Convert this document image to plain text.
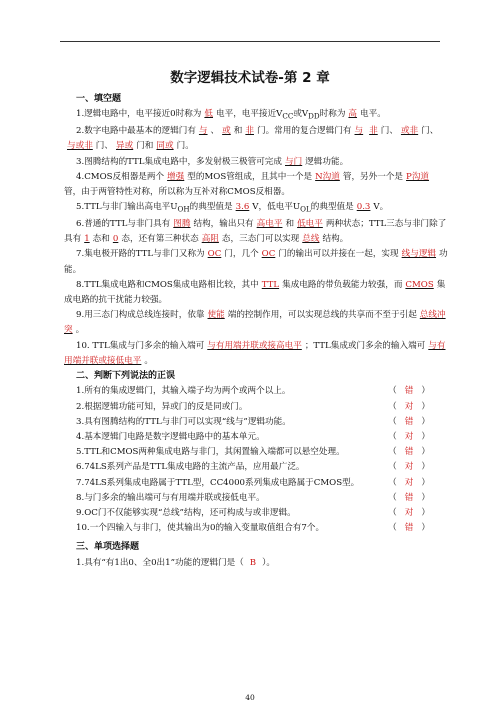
数字逻辑技术试卷-第 2 章
一、填空题

1.逻辑电路中，电平接近0时称为 低 电平，电平接近$V_{CC}$或$V_{DD}$时称为 高 电平。

2.数字电路中最基本的逻辑门有 与 、 或 和 非 门。常用的复合逻辑门有 与 非 门、 或非 门、与或非 门、 异或 门和 同或 门。

3.图腾结构的TTL集成电路中，多发射极三极管可完成 与门 逻辑功能。

4.CMOS反相器是两个 增强 型的MOS管组成，且其中一个是 N沟道 管，另外一个是 P沟道管，由于两管特性对称，所以称为互补对称CMOS反相器。

5.TTL与非门输出高电平$U_{OH}$的典型值是 3.6 V，低电平$U_{OL}$的典型值是 0.3 V。

6.普通的TTL与非门具有 图腾 结构，输出只有 高电平 和 低电平 两种状态；TTL三态与非门除了具有 1 态和 0 态，还有第三种状态 高阻 态，三态门可以实现 总线 结构。

7.集电极开路的TTL与非门又称为 OC 门，几个 OC 门的输出可以并接在一起，实现 线与逻辑 功能。

8.TTL集成电路和CMOS集成电路相比较，其中 TTL 集成电路的带负载能力较强，而 CMOS 集成电路的抗干扰能力较强。

9.用三态门构成总线连接时，依靠 使能 端的控制作用，可以实现总线的共享而不至于引起 总线冲突 。

10. TTL集成与门多余的输入端可 与有用端并联或接高电平 ；TTL集成或门多余的输入端可 与有用端并联或接低电平 。

二、判断下列说法的正误
1.所有的集成逻辑门，其输入端子均为两个或两个以上。	（ 错 ）
2.根据逻辑功能可知，异或门的反是同或门。	（ 对 ）
3.具有图腾结构的TTL与非门可以实现“线与”逻辑功能。	（ 错 ）
4.基本逻辑门电路是数字逻辑电路中的基本单元。	（ 对 ）
5.TTL和CMOS两种集成电路与非门，其闲置输入端都可以悬空处理。	（ 错 ）
6.74LS系列产品是TTL集成电路的主流产品，应用最广泛。	（ 对 ）
7.74LS系列集成电路属于TTL型，CC4000系列集成电路属于CMOS型。	（ 对 ）
8.与门多余的输出端可与有用端并联或接低电平。	（ 错 ）
9.OC门不仅能够实现“总线”结构，还可构成与或非逻辑。	（ 对 ）
10.一个四输入与非门，使其输出为0的输入变量取值组合有7个。	（ 错 ）
三、单项选择题

1.具有“有1出0、全0出1”功能的逻辑门是（ B ）。

40
